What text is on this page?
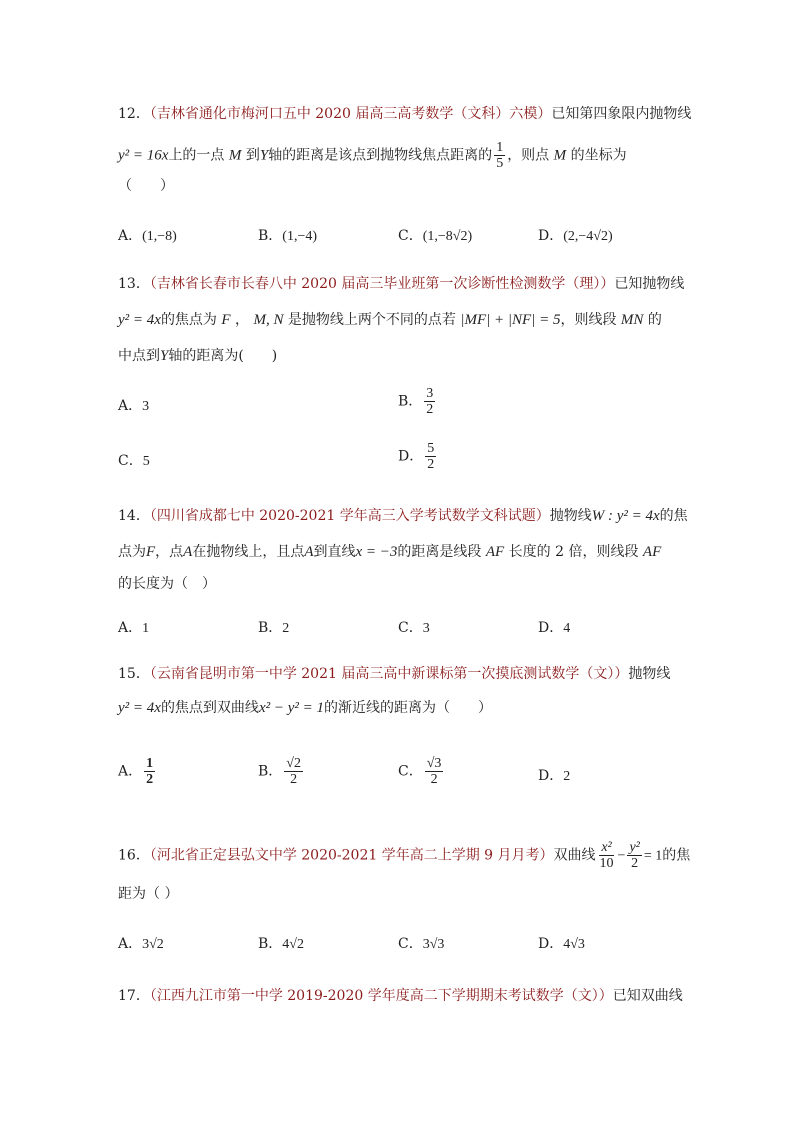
12．（吉林省通化市梅河口五中 2020 届高三高考数学（文科）六模）已知第四象限内抛物线
y² = 16x上的一点 M 到Y轴的距离是该点到抛物线焦点距离的 $\frac{1}{5}$ ，则点 M 的坐标为
（　　）
A．(1,−8)	B．(1,−4)	C．(1,−8√2)	D．(2,−4√2)
13．（吉林省长春市长春八中 2020 届高三毕业班第一次诊断性检测数学（理））已知抛物线
y² = 4x的焦点为 F ， M, N 是抛物线上两个不同的点若 |MF| + |NF| = 5，则线段 MN 的
中点到Y轴的距离为(　　)
A．3	B． $\frac{3}{2}$
C．5	D． $\frac{5}{2}$
14．（四川省成都七中 2020-2021 学年高三入学考试数学文科试题）抛物线W : y² = 4x的焦
点为F，点A在抛物线上，且点A到直线x = −3的距离是线段 AF 长度的 2 倍，则线段 AF
的长度为（　）
A．1	B．2	C．3	D．4
15．（云南省昆明市第一中学 2021 届高三高中新课标第一次摸底测试数学（文））抛物线
y² = 4x的焦点到双曲线x² − y² = 1的渐近线的距离为（　　）
A． $\frac{1}{2}$	B． $\frac{√2}{2}$	C． $\frac{√3}{2}$	D．2
16．（河北省正定县弘文中学 2020-2021 学年高二上学期 9 月月考）双曲线 $\frac{\text{x²}}{10} - \frac{\text{y²}}{2} = 1$的焦
距为（ ）
A．3√2	B．4√2	C．3√3	D．4√3
17．（江西九江市第一中学 2019-2020 学年度高二下学期期末考试数学（文））已知双曲线
